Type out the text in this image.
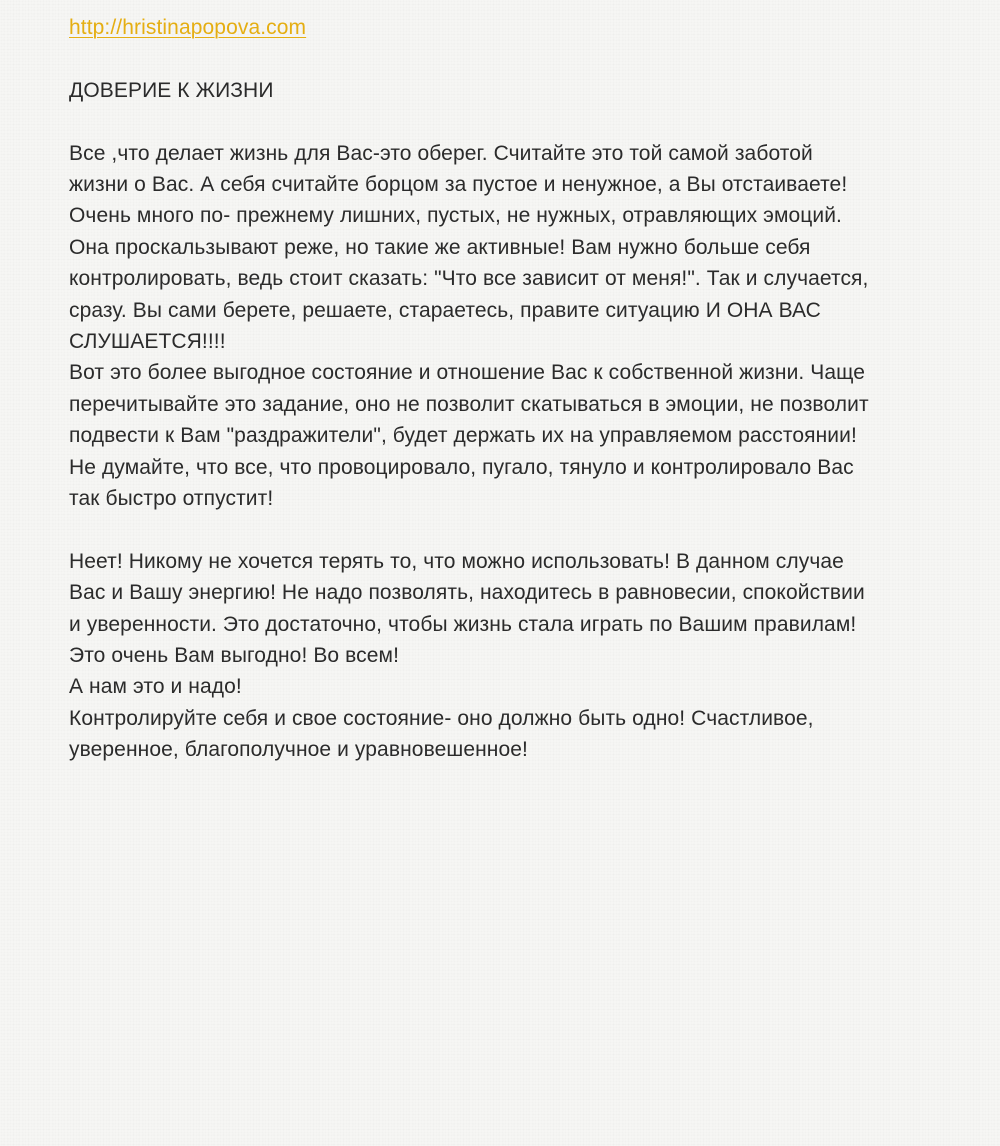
http://hristinapopova.com
ДОВЕРИЕ К ЖИЗНИ
Все ,что делает жизнь для Вас-это оберег. Считайте это той самой заботой
жизни о Вас. А себя считайте борцом за пустое и ненужное, а Вы отстаиваете!
Очень много по- прежнему лишних, пустых, не нужных, отравляющих эмоций.
Она проскальзывают реже, но такие же активные! Вам нужно больше себя
контролировать, ведь стоит сказать: "Что все зависит от меня!". Так и случается,
сразу. Вы сами берете, решаете, стараетесь, правите ситуацию И ОНА ВАС
СЛУШАЕТСЯ!!!!
Вот это более выгодное состояние и отношение Вас к собственной жизни. Чаще
перечитывайте это задание, оно не позволит скатываться в эмоции, не позволит
подвести к Вам "раздражители", будет держать их на управляемом расстоянии!
Не думайте, что все, что провоцировало, пугало, тянуло и контролировало Вас
так быстро отпустит!
Неет! Никому не хочется терять то, что можно использовать! В данном случае
Вас и Вашу энергию! Не надо позволять, находитесь в равновесии, спокойствии
и уверенности. Это достаточно, чтобы жизнь стала играть по Вашим правилам!
Это очень Вам выгодно! Во всем!
А нам это и надо!
Контролируйте себя и свое состояние- оно должно быть одно! Счастливое,
уверенное, благополучное и уравновешенное!
